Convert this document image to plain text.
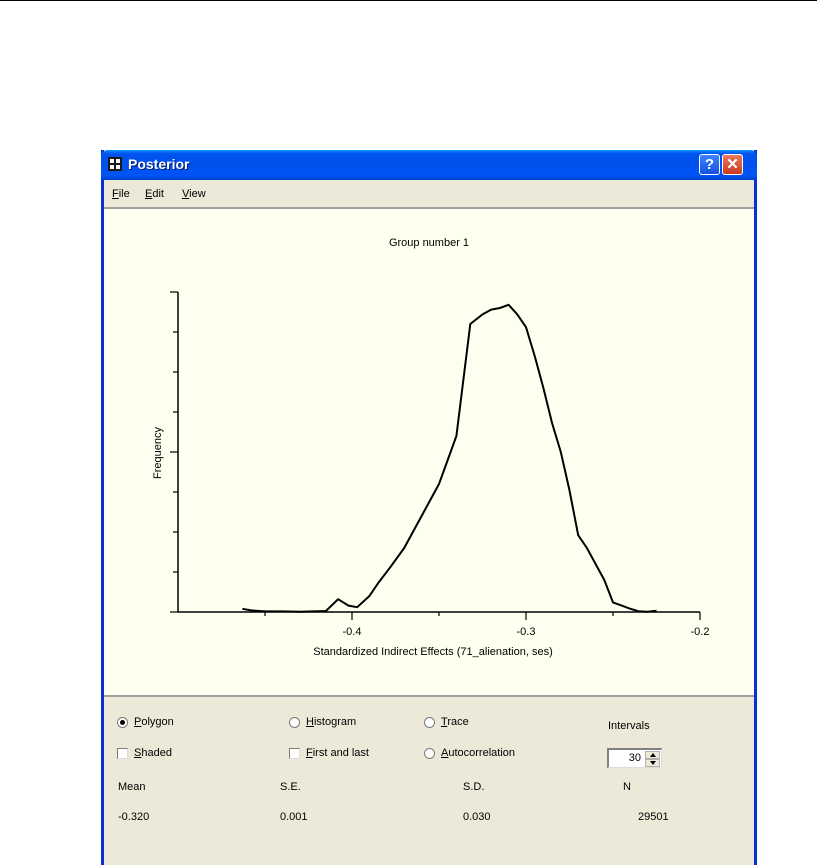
Posterior	? ✕
File Edit View
Group number 1
Frequency
Standardized Indirect Effects (71_alienation, ses)
-0.4	-0.3	-0.2
Polygon	Histogram	Trace	Intervals
Shaded	First and last	Autocorrelation	30
Mean	S.E.	S.D.	N
-0.320	0.001	0.030	29501
